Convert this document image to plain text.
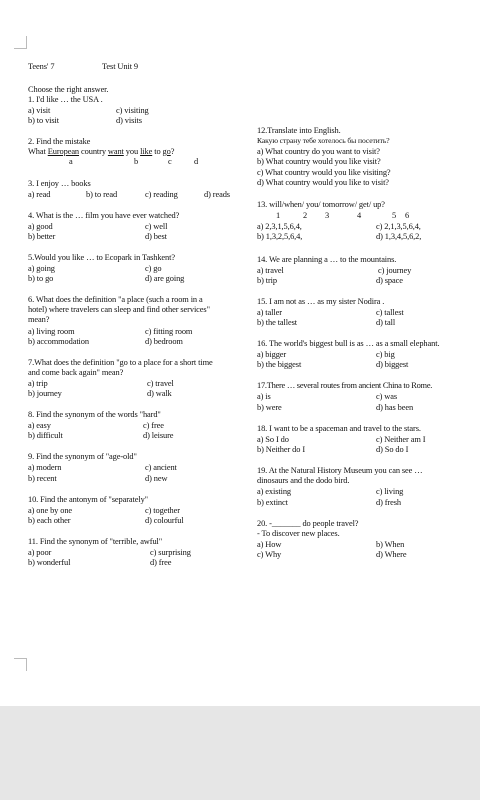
Teens' 7	Test Unit 9
Choose the right answer.
1. I'd like … the USA .
a) visit	c) visiting
b) to visit	d) visits
2. Find the mistake
What European country want you like to go?
a	b	c	d
3. I enjoy … books
a) read	b) to read	c) reading	d) reads
4. What is the … film you have ever watched?
a) good	c) well
b) better	d) best
5.Would you like … to Ecopark in Tashkent?
a) going	c) go
b) to go	d) are going
6. What does the definition "a place (such a room in a
hotel) where travelers can sleep and find other services"
mean?
a) living room	c) fitting room
b) accommodation	d) bedroom
7.What does the definition "go to a place for a short time
and come back again" mean?
a) trip	c) travel
b) journey	d) walk
8. Find the synonym of the words "hard"
a) easy	c) free
b) difficult	d) leisure
9. Find the synonym of "age-old"
a) modern	c) ancient
b) recent	d) new
10. Find the antonym of "separately"
a) one by one	c) together
b) each other	d) colourful
11. Find the synonym of "terrible, awful"
a) poor	c) surprising
b) wonderful	d) free
12.Translate into English.
Какую страну тебе хотелось бы посетить?
a) What country do you want to visit?
b) What country would you like visit?
c) What country would you like visiting?
d) What country would you like to visit?
13. will/when/ you/ tomorrow/ get/ up?
1	2 3	4	5 6
a) 2,3,1,5,6,4,	c) 2,1,3,5,6,4,
b) 1,3,2,5,6,4,	d) 1,3,4,5,6,2,
14. We are planning a … to the mountains.
a) travel	c) journey
b) trip	d) space
15. I am not as … as my sister Nodira .
a) taller	c) tallest
b) the tallest	d) tall
16. The world's biggest bull is as … as a small elephant.
a) bigger	c) big
b) the biggest	d) biggest
17.There … several routes from ancient China to Rome.
a) is	c) was
b) were	d) has been
18. I want to be a spaceman and travel to the stars.
a) So I do	c) Neither am I
b) Neither do I	d) So do I
19. At the Natural History Museum you can see …
dinosaurs and the dodo bird.
a) existing	c) living
b) extinct	d) fresh
20. -_______ do people travel?
- To discover new places.
a) How	b) When
c) Why	d) Where
